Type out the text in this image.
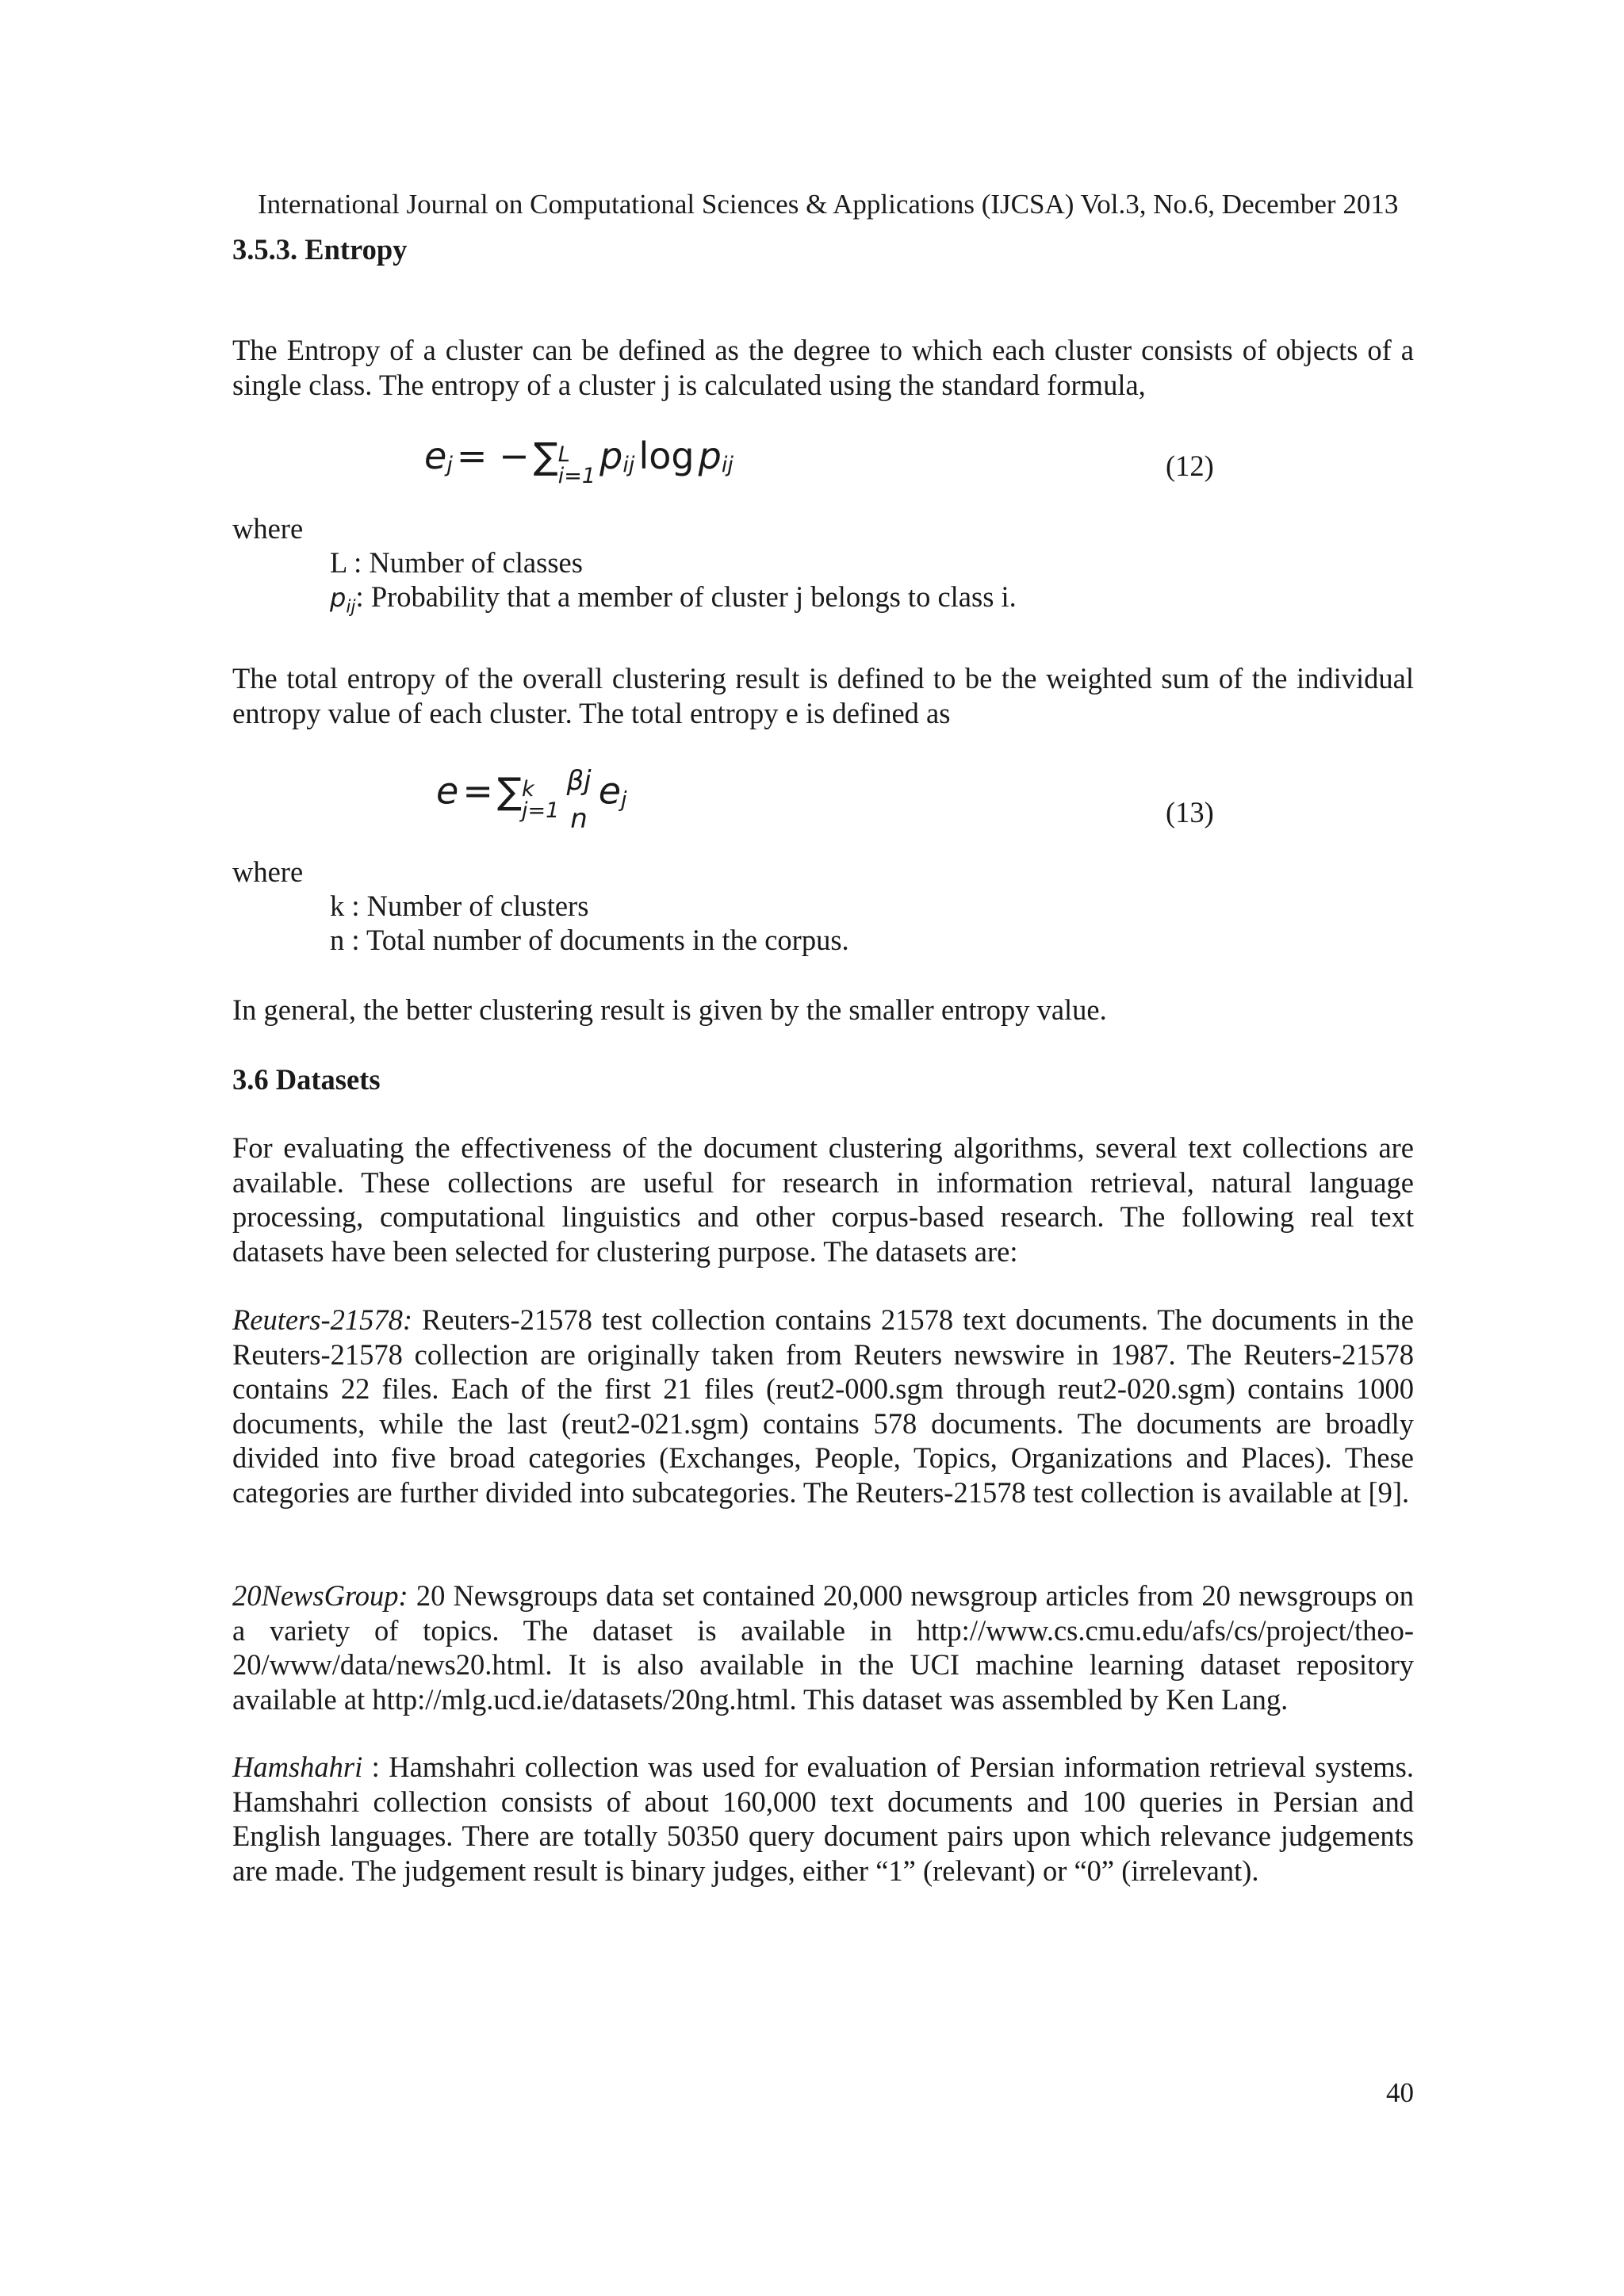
International Journal on Computational Sciences & Applications (IJCSA) Vol.3, No.6, December 2013
3.5.3. Entropy
The Entropy of a cluster can be defined as the degree to which each cluster consists of objects of a single class. The entropy of a cluster j is calculated using the standard formula,
$e_j$ = − ∑ L
i=1 $p_{ij}$ $\log p_{ij}$	(12)
where
L : Number of classes
$p_{ij}$: Probability that a member of cluster j belongs to class i.
The total entropy of the overall clustering result is defined to be the weighted sum of the individual entropy value of each cluster. The total entropy e is defined as
e = ∑ k
j=1

βj
n
$e_j$	(13)
where
k : Number of clusters
n : Total number of documents in the corpus.
In general, the better clustering result is given by the smaller entropy value.
3.6 Datasets
For evaluating the effectiveness of the document clustering algorithms, several text collections are available. These collections are useful for research in information retrieval, natural language processing, computational linguistics and other corpus-based research. The following real text datasets have been selected for clustering purpose. The datasets are:
Reuters-21578: Reuters-21578 test collection contains 21578 text documents. The documents in the Reuters-21578 collection are originally taken from Reuters newswire in 1987. The Reuters-21578 contains 22 files. Each of the first 21 files (reut2-000.sgm through reut2-020.sgm) contains 1000 documents, while the last (reut2-021.sgm) contains 578 documents. The documents are broadly divided into five broad categories (Exchanges, People, Topics, Organizations and Places). These categories are further divided into subcategories. The Reuters-21578 test collection is available at [9].
20NewsGroup: 20 Newsgroups data set contained 20,000 newsgroup articles from 20 newsgroups on a variety of topics. The dataset is available in http://www.cs.cmu.edu/afs/cs/project/theo-20/www/data/news20.html. It is also available in the UCI machine learning dataset repository available at http://mlg.ucd.ie/datasets/20ng.html. This dataset was assembled by Ken Lang.
Hamshahri : Hamshahri collection was used for evaluation of Persian information retrieval systems. Hamshahri collection consists of about 160,000 text documents and 100 queries in Persian and English languages. There are totally 50350 query document pairs upon which relevance judgements are made. The judgement result is binary judges, either “1” (relevant) or “0” (irrelevant).
40
